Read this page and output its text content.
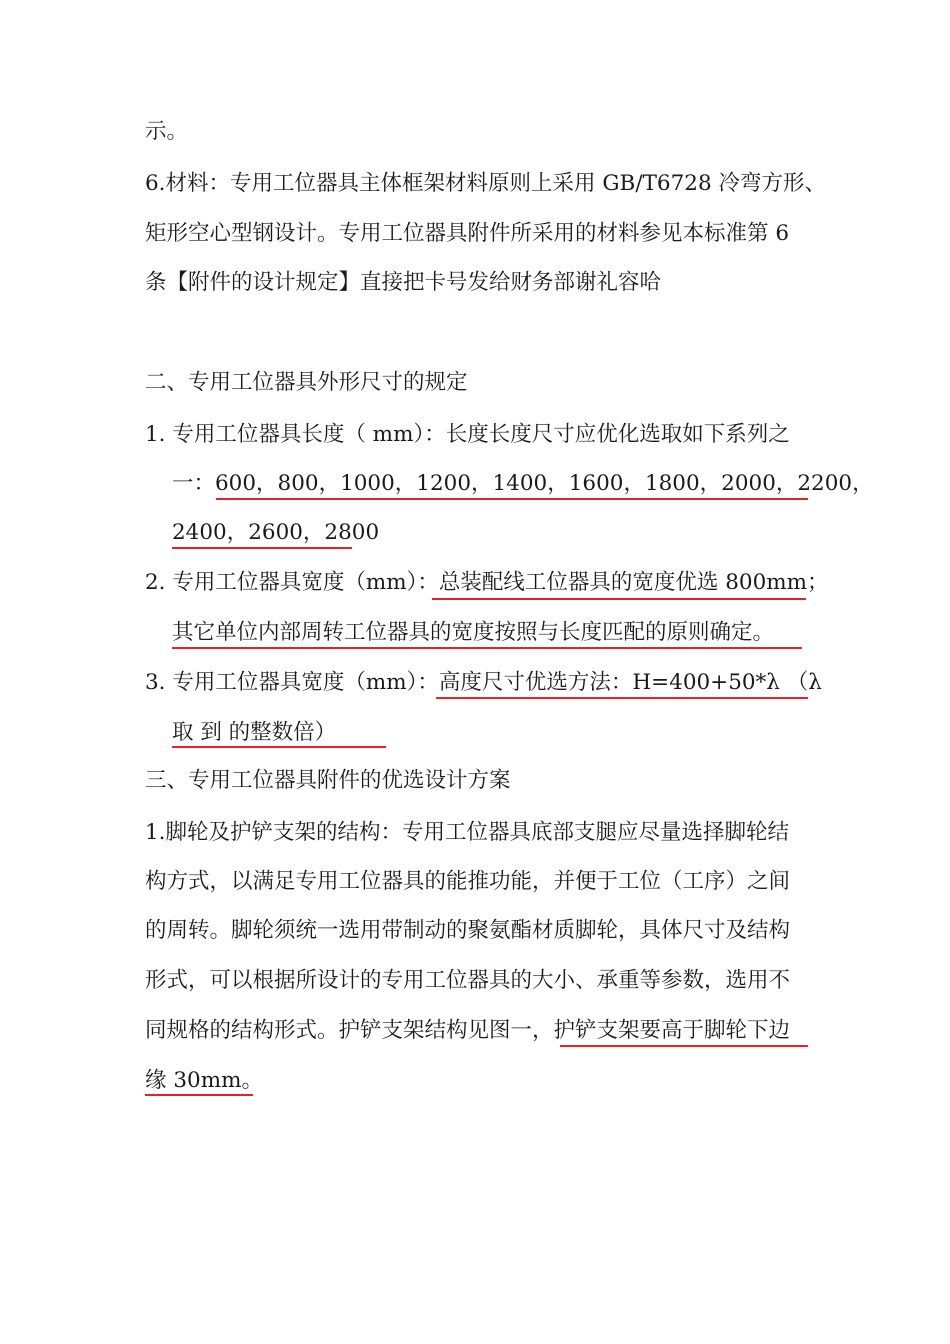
示。
6.材料：专用工位器具主体框架材料原则上采用 GB/T6728 冷弯方形、
矩形空心型钢设计。专用工位器具附件所采用的材料参见本标准第 6
条【附件的设计规定】直接把卡号发给财务部谢礼容哈
二、专用工位器具外形尺寸的规定
1. 专用工位器具长度（ mm）：长度长度尺寸应优化选取如下系列之
一：600，800，1000，1200，1400，1600，1800，2000，2200，
2400，2600，2800
2. 专用工位器具宽度（mm）：总装配线工位器具的宽度优选 800mm；
其它单位内部周转工位器具的宽度按照与长度匹配的原则确定。
3. 专用工位器具宽度（mm）：高度尺寸优选方法：H=400+50*λ （λ
取 到 的整数倍）
三、专用工位器具附件的优选设计方案
1.脚轮及护铲支架的结构：专用工位器具底部支腿应尽量选择脚轮结
构方式，以满足专用工位器具的能推功能，并便于工位（工序）之间
的周转。脚轮须统一选用带制动的聚氨酯材质脚轮，具体尺寸及结构
形式，可以根据所设计的专用工位器具的大小、承重等参数，选用不
同规格的结构形式。护铲支架结构见图一，护铲支架要高于脚轮下边
缘 30mm。
